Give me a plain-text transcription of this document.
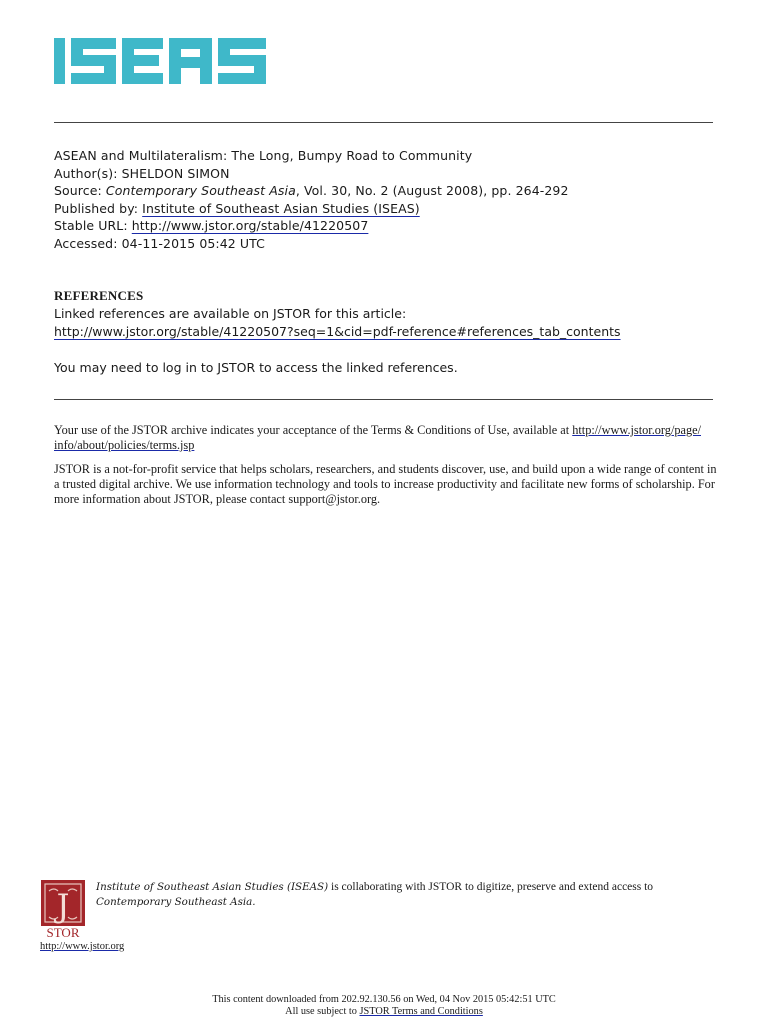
ASEAN and Multilateralism: The Long, Bumpy Road to Community
Author(s): SHELDON SIMON
Source: Contemporary Southeast Asia, Vol. 30, No. 2 (August 2008), pp. 264-292
Published by: Institute of Southeast Asian Studies (ISEAS)
Stable URL: http://www.jstor.org/stable/41220507
Accessed: 04-11-2015 05:42 UTC
REFERENCES
Linked references are available on JSTOR for this article:
http://www.jstor.org/stable/41220507?seq=1&cid=pdf-reference#references_tab_contents
You may need to log in to JSTOR to access the linked references.

Your use of the JSTOR archive indicates your acceptance of the Terms & Conditions of Use, available at http://www.jstor.org/page/
info/about/policies/terms.jsp

JSTOR is a not-for-profit service that helps scholars, researchers, and students discover, use, and build upon a wide range of content in a trusted digital archive. We use information technology and tools to increase productivity and facilitate new forms of scholarship. For more information about JSTOR, please contact support@jstor.org.

J
STOR
Institute of Southeast Asian Studies (ISEAS) is collaborating with JSTOR to digitize, preserve and extend access to
Contemporary Southeast Asia.
http://www.jstor.org
This content downloaded from 202.92.130.56 on Wed, 04 Nov 2015 05:42:51 UTC
All use subject to JSTOR Terms and Conditions
